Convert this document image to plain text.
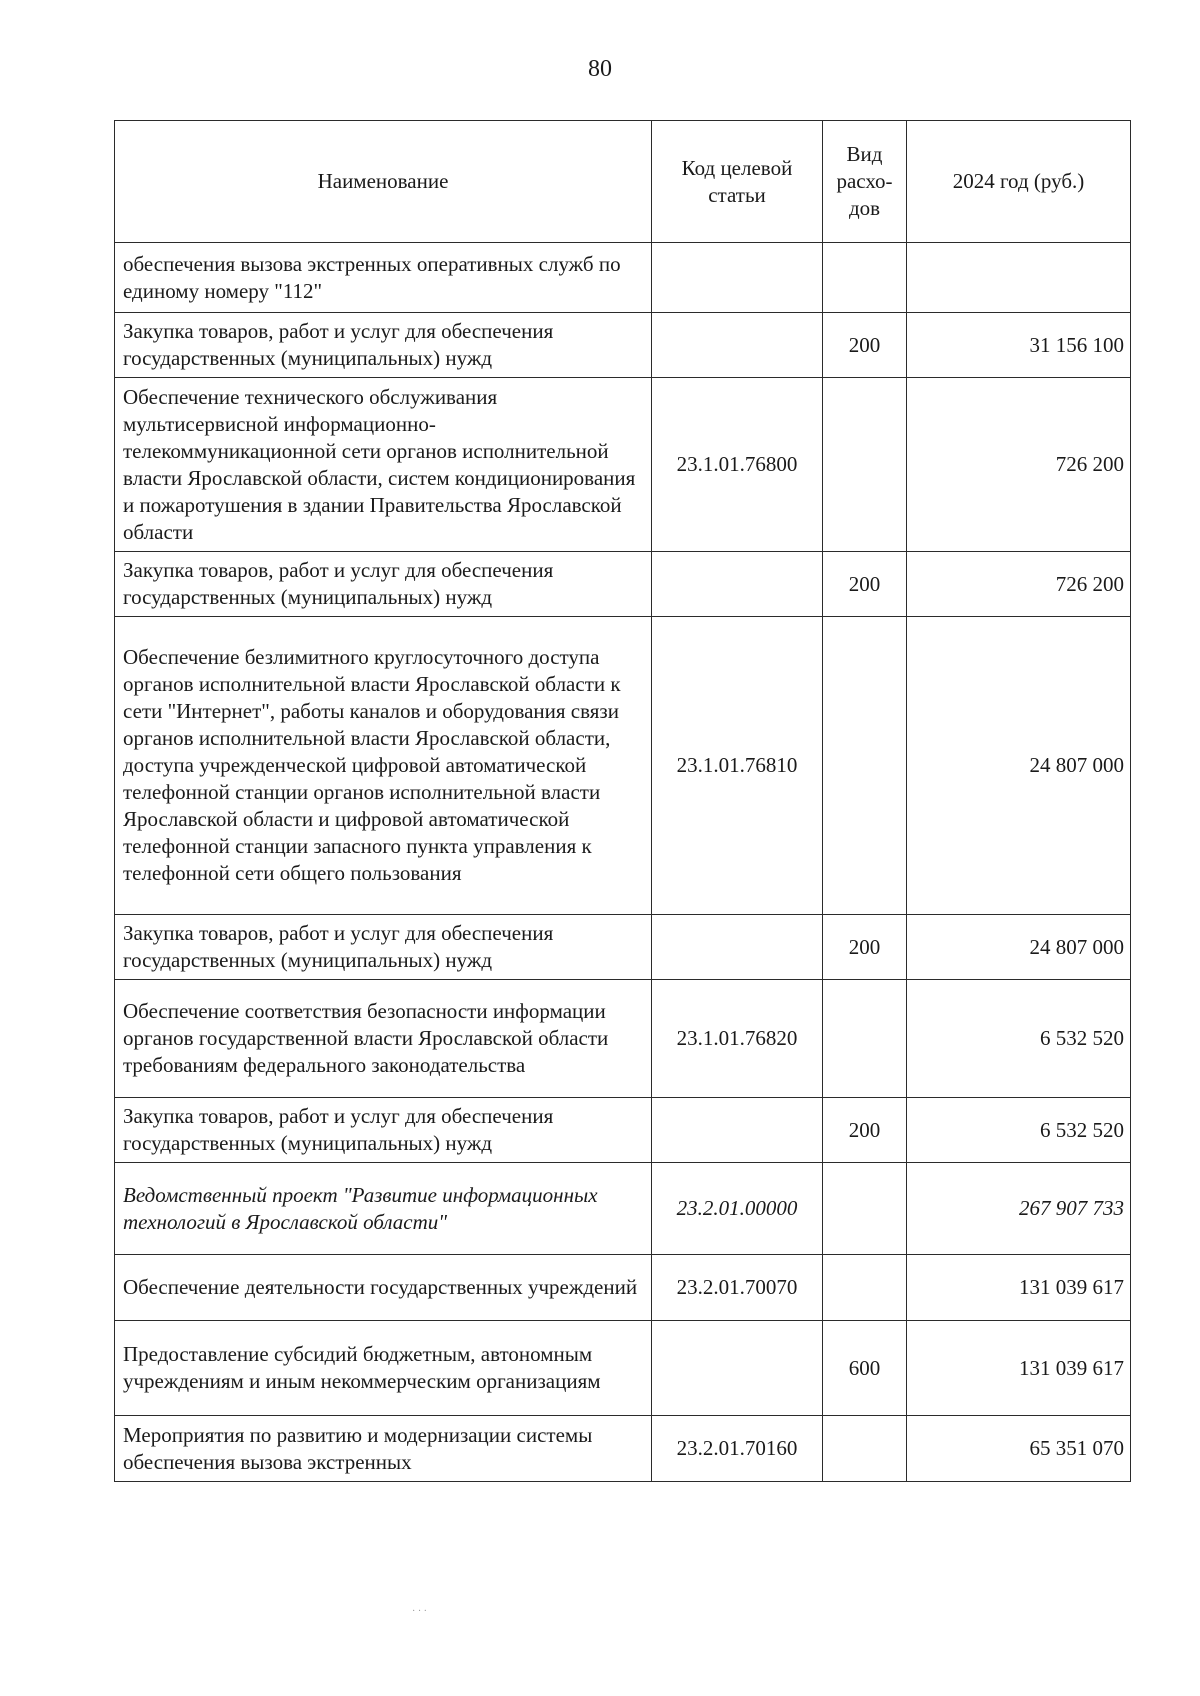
80
Наименование	Код целевой статьи	Вид расхо-дов	2024 год (руб.)
обеспечения вызова экстренных оперативных служб по единому номеру "112"			
Закупка товаров, работ и услуг для обеспечения государственных (муниципальных) нужд		200	31 156 100
Обеспечение технического обслуживания мультисервисной информационно-телекоммуникационной сети органов исполнительной власти Ярославской области, систем кондиционирования и пожаротушения в здании Правительства Ярославской области	23.1.01.76800		726 200
Закупка товаров, работ и услуг для обеспечения государственных (муниципальных) нужд		200	726 200
Обеспечение безлимитного круглосуточного доступа органов исполнительной власти Ярославской области к сети "Интернет", работы каналов и оборудования связи органов исполнительной власти Ярославской области, доступа учрежденческой цифровой автоматической телефонной станции органов исполнительной власти Ярославской области и цифровой автоматической телефонной станции запасного пункта управления к телефонной сети общего пользования	23.1.01.76810		24 807 000
Закупка товаров, работ и услуг для обеспечения государственных (муниципальных) нужд		200	24 807 000
Обеспечение соответствия безопасности информации органов государственной власти Ярославской области требованиям федерального законодательства	23.1.01.76820		6 532 520
Закупка товаров, работ и услуг для обеспечения государственных (муниципальных) нужд		200	6 532 520
Ведомственный проект "Развитие информационных технологий в Ярославской области"	23.2.01.00000		267 907 733
Обеспечение деятельности государственных учреждений	23.2.01.70070		131 039 617
Предоставление субсидий бюджетным, автономным учреждениям и иным некоммерческим организациям		600	131 039 617
Мероприятия по развитию и модернизации системы обеспечения вызова экстренных	23.2.01.70160		65 351 070
· · ·
